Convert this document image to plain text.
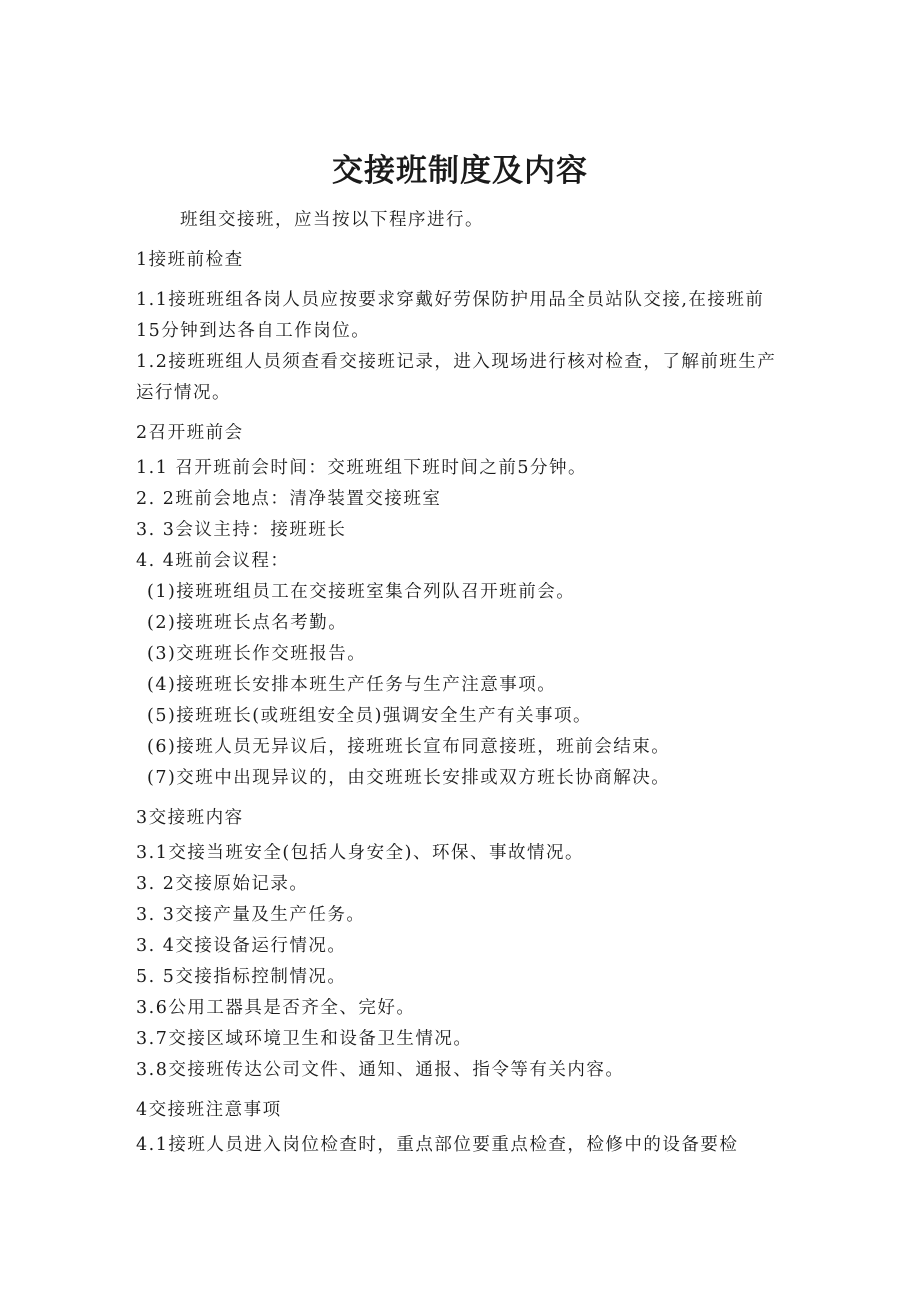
交接班制度及内容

班组交接班，应当按以下程序进行。

1接班前检查

1.1接班班组各岗人员应按要求穿戴好劳保防护用品全员站队交接,在接班前15分钟到达各自工作岗位。

1.2接班班组人员须查看交接班记录，进入现场进行核对检查，了解前班生产运行情况。

2召开班前会

1.1 召开班前会时间：交班班组下班时间之前5分钟。

2. 2班前会地点：清净装置交接班室

3. 3会议主持：接班班长

4. 4班前会议程：

(1)接班班组员工在交接班室集合列队召开班前会。

(2)接班班长点名考勤。

(3)交班班长作交班报告。

(4)接班班长安排本班生产任务与生产注意事项。

(5)接班班长(或班组安全员)强调安全生产有关事项。

(6)接班人员无异议后，接班班长宣布同意接班，班前会结束。

(7)交班中出现异议的，由交班班长安排或双方班长协商解决。

3交接班内容

3.1交接当班安全(包括人身安全)、环保、事故情况。

3. 2交接原始记录。

3. 3交接产量及生产任务。

3. 4交接设备运行情况。

5. 5交接指标控制情况。

3.6公用工器具是否齐全、完好。

3.7交接区域环境卫生和设备卫生情况。

3.8交接班传达公司文件、通知、通报、指令等有关内容。

4交接班注意事项

4.1接班人员进入岗位检查时，重点部位要重点检查，检修中的设备要检
